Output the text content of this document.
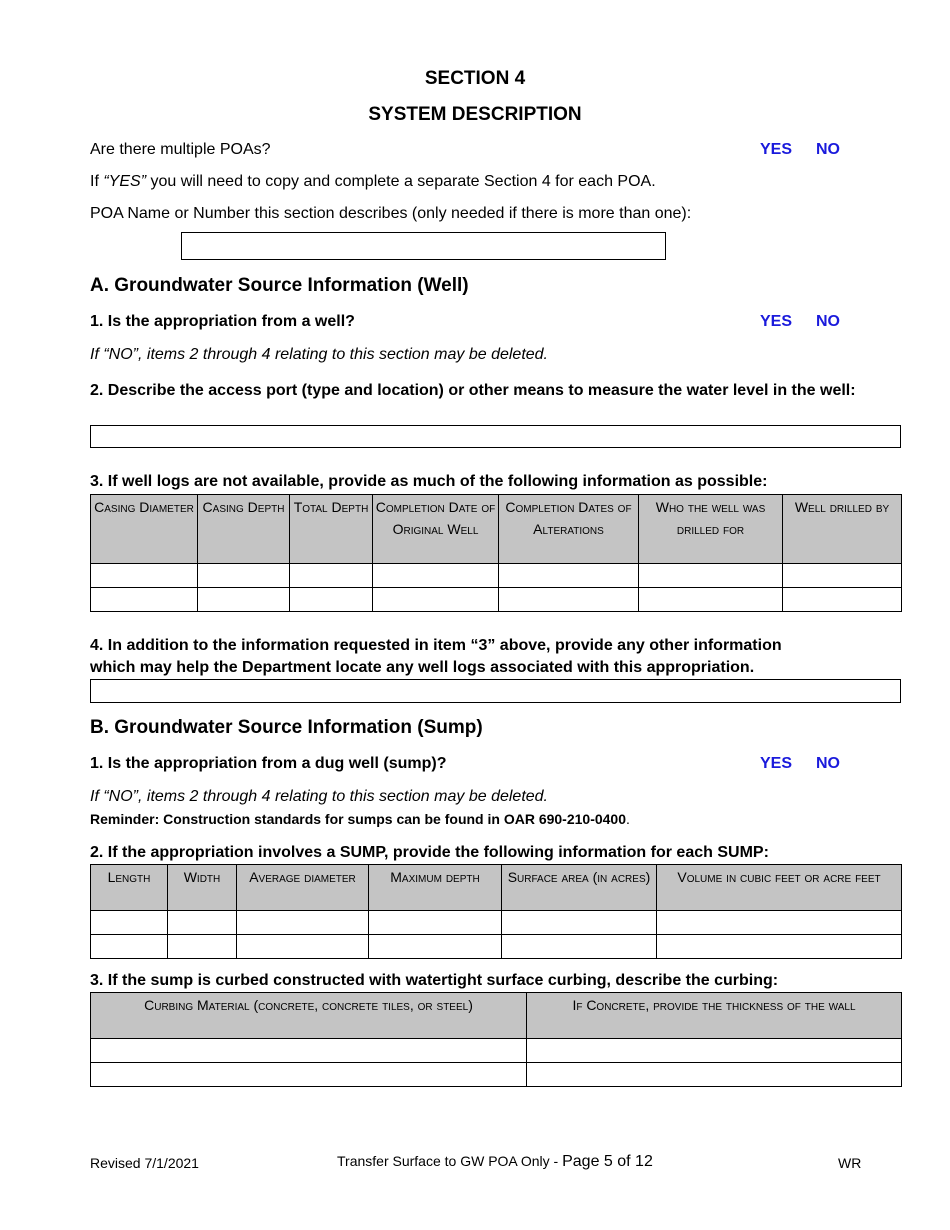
SECTION 4
SYSTEM DESCRIPTION
Are there multiple POAs?	YES NO
If “YES” you will need to copy and complete a separate Section 4 for each POA.
POA Name or Number this section describes (only needed if there is more than one):
A. Groundwater Source Information (Well)
1. Is the appropriation from a well?	YES NO
If “NO”, items 2 through 4 relating to this section may be deleted.
2. Describe the access port (type and location) or other means to measure the water level in the well:
3. If well logs are not available, provide as much of the following information as possible:
Casing Diameter	Casing Depth	Total Depth	Completion Date of Original Well	Completion Dates of Alterations	Who the well was drilled for	Well drilled by

4. In addition to the information requested in item “3” above, provide any other information which may help the Department locate any well logs associated with this appropriation.
B. Groundwater Source Information (Sump)
1. Is the appropriation from a dug well (sump)?	YES NO
If “NO”, items 2 through 4 relating to this section may be deleted.
Reminder: Construction standards for sumps can be found in OAR 690-210-0400.
2. If the appropriation involves a SUMP, provide the following information for each SUMP:
Length	Width	Average diameter	Maximum depth	Surface area (in acres)	Volume in cubic feet or acre feet

3. If the sump is curbed constructed with watertight surface curbing, describe the curbing:
Curbing Material (concrete, concrete tiles, or steel)	If Concrete, provide the thickness of the wall

Revised 7/1/2021	Transfer Surface to GW POA Only - Page 5 of 12	WR
